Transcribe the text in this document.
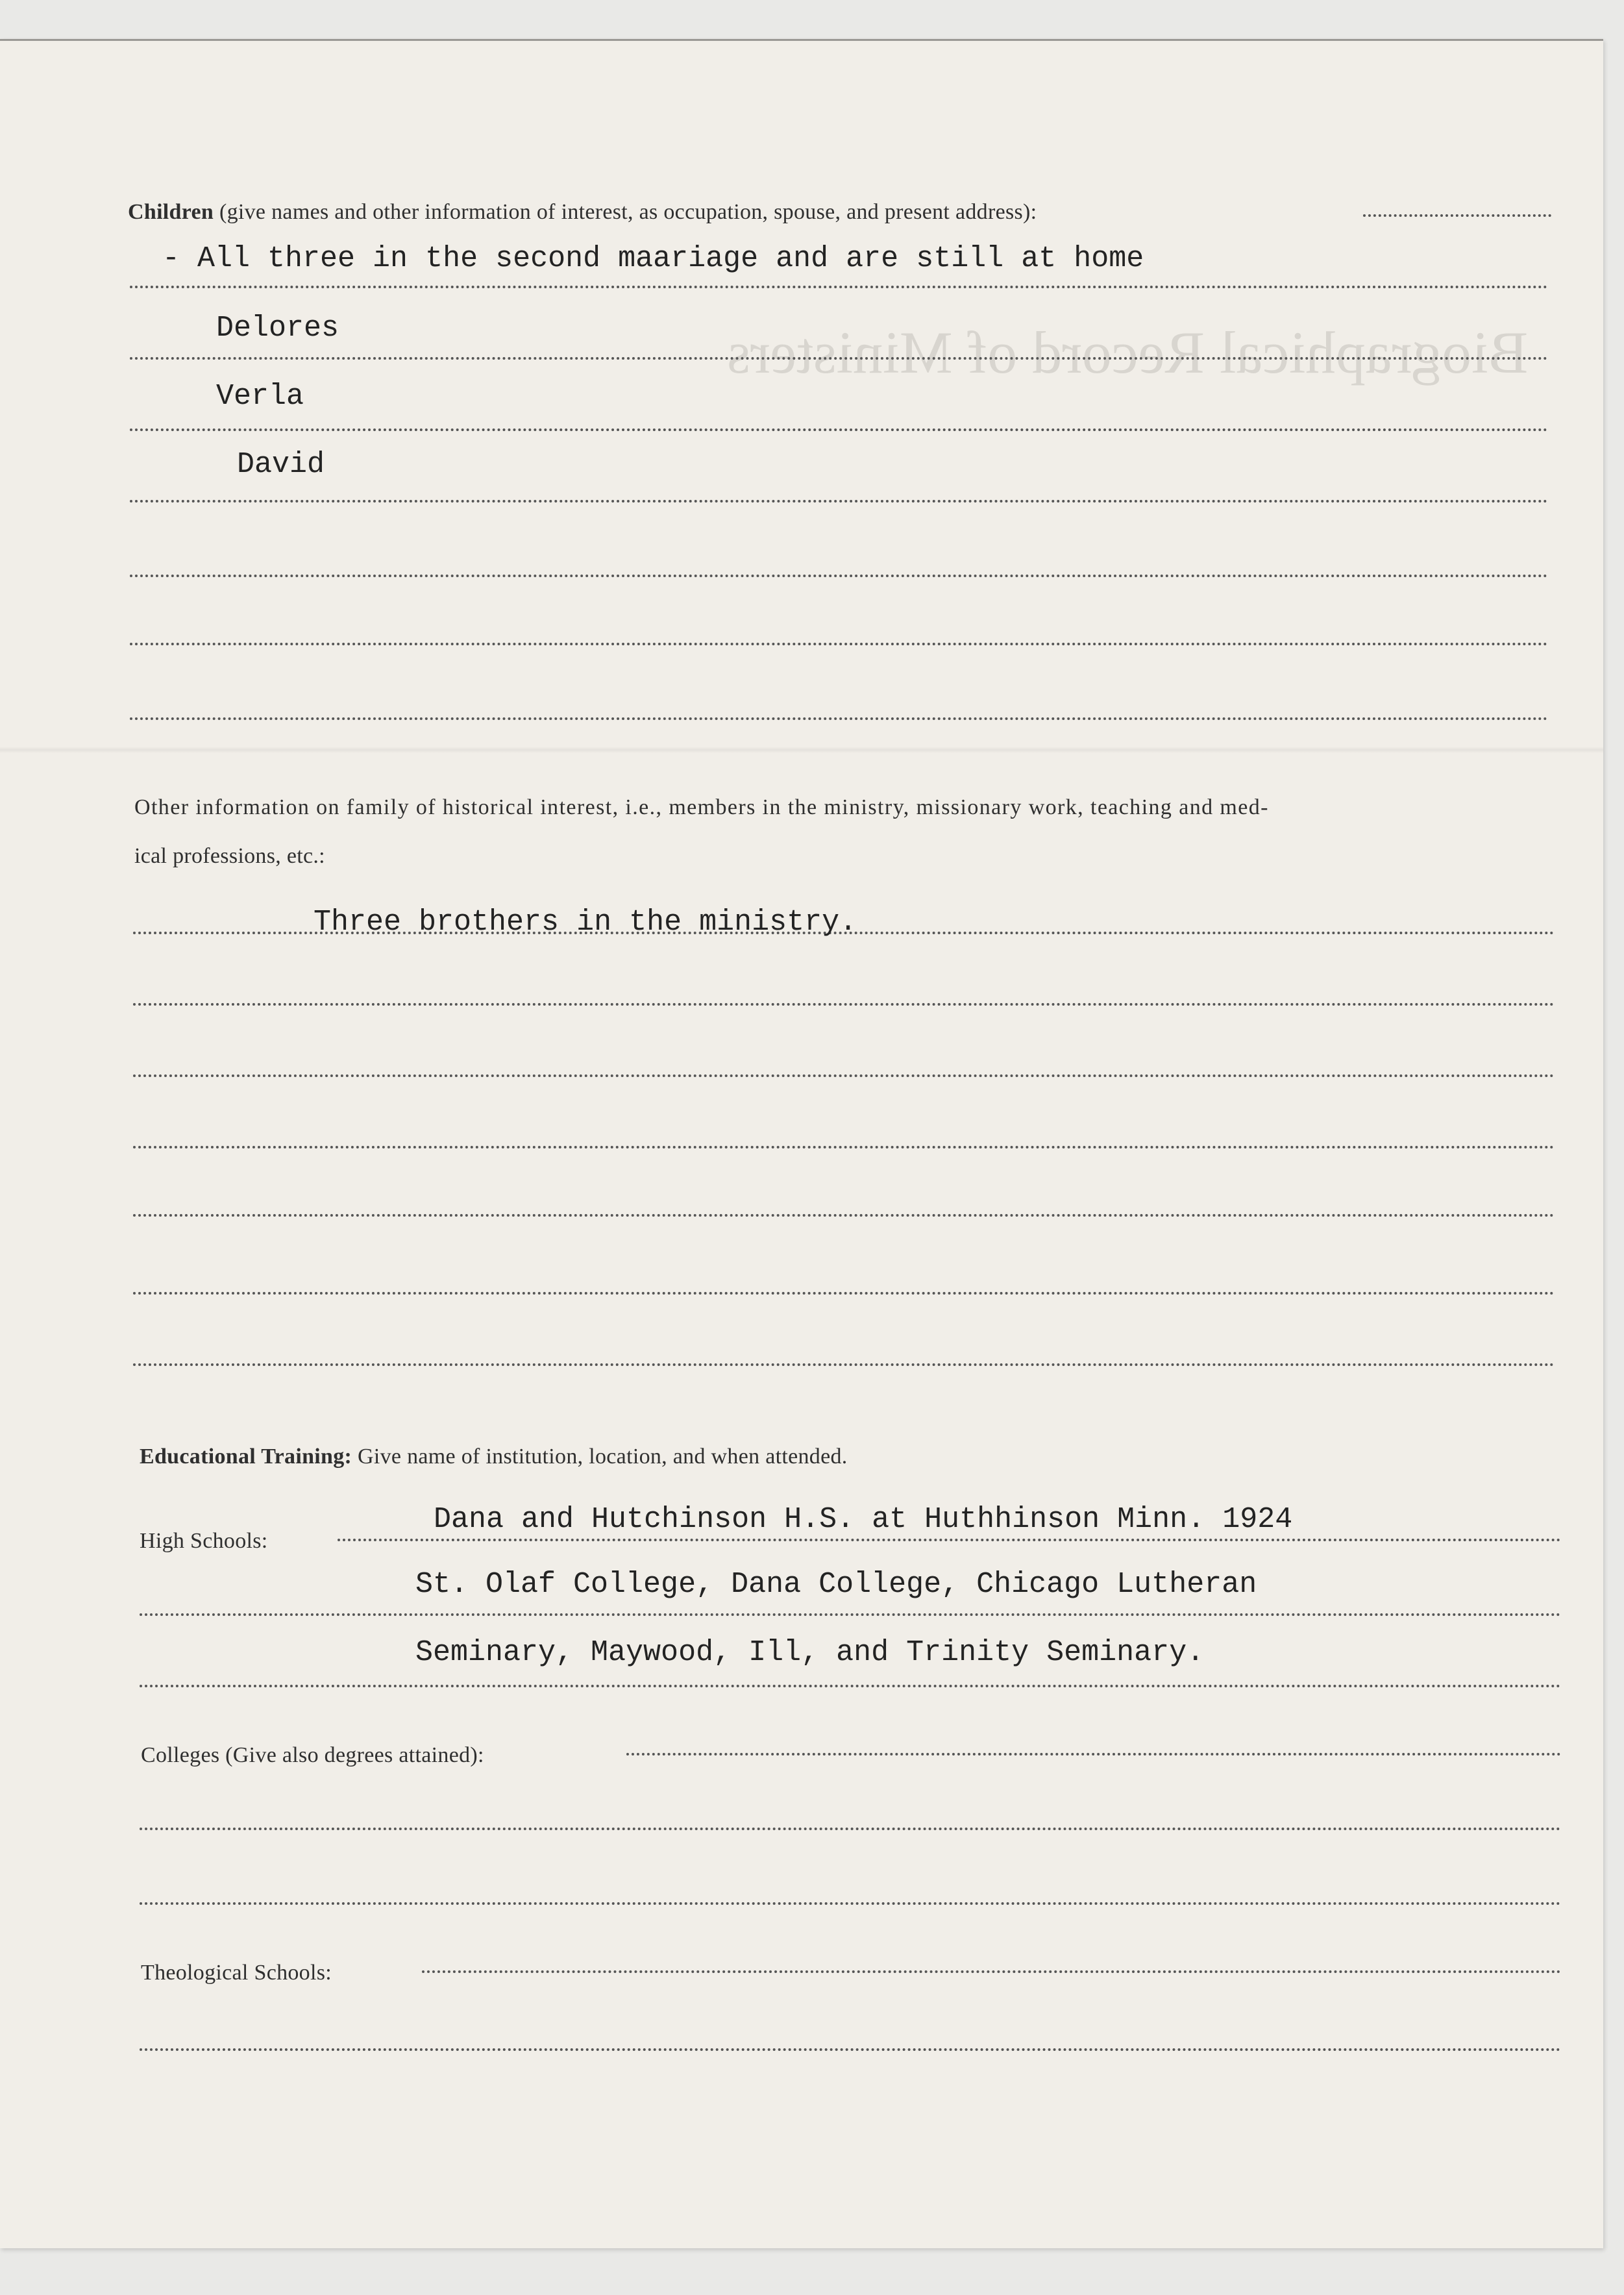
Biographical Record of Ministers
Children (give names and other information of interest, as occupation, spouse, and present address):
- All three in the second maariage and are still at home
Delores
Verla
David
Other information on family of historical interest, i.e., members in the ministry, missionary work, teaching and med-
ical professions, etc.:
Three brothers in the ministry.
Educational Training: Give name of institution, location, and when attended.
High Schools:
Dana and Hutchinson H.S. at Huthhinson Minn. 1924
St. Olaf College, Dana College, Chicago Lutheran
Seminary, Maywood, Ill, and Trinity Seminary.
Colleges (Give also degrees attained):
Theological Schools:
